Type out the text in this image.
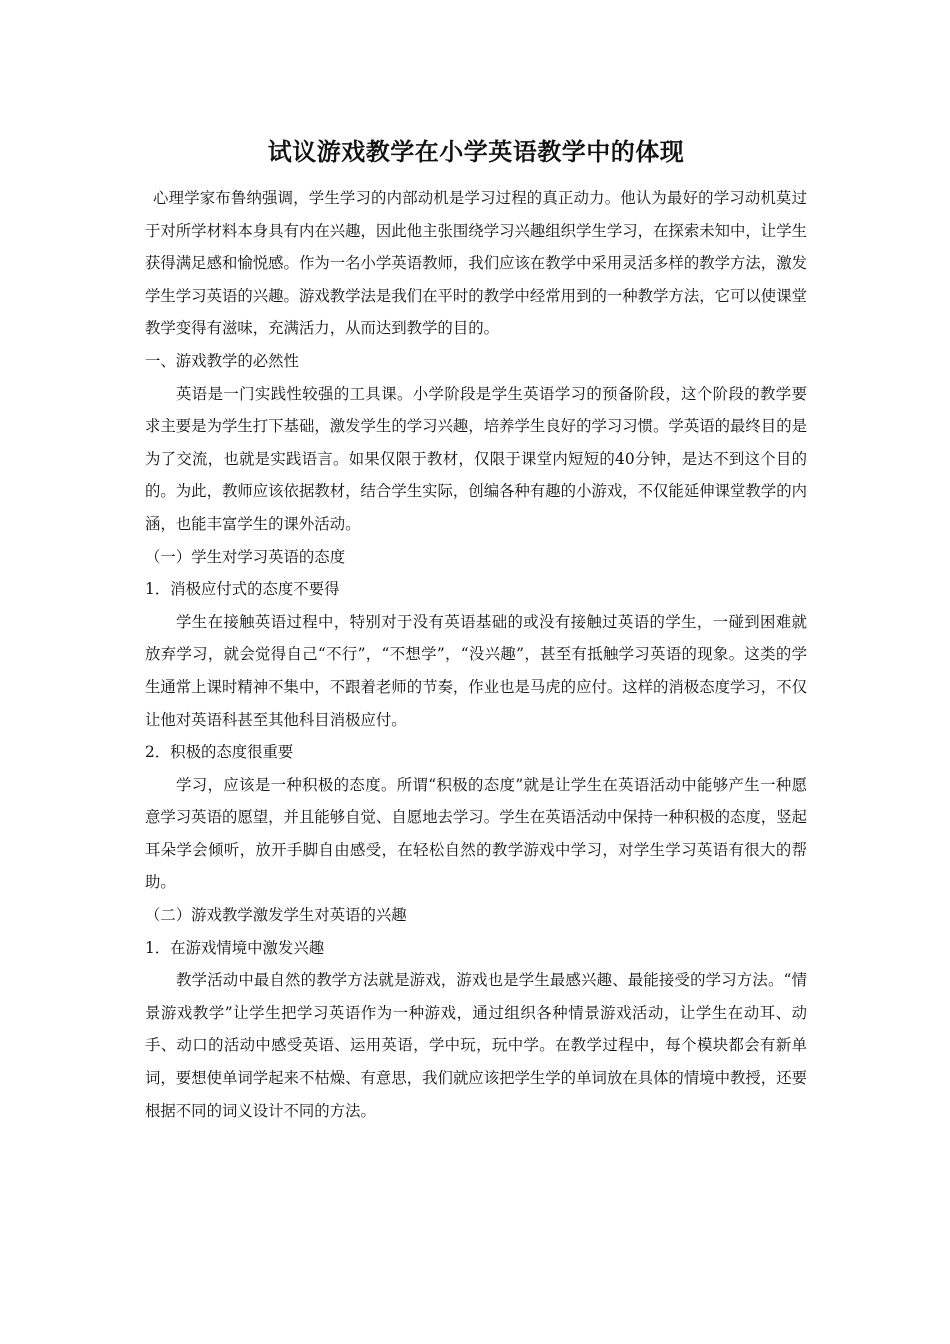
试议游戏教学在小学英语教学中的体现

心理学家布鲁纳强调，学生学习的内部动机是学习过程的真正动力。他认为最好的学习动机莫过于对所学材料本身具有内在兴趣，因此他主张围绕学习兴趣组织学生学习，在探索未知中，让学生获得满足感和愉悦感。作为一名小学英语教师，我们应该在教学中采用灵活多样的教学方法，激发学生学习英语的兴趣。游戏教学法是我们在平时的教学中经常用到的一种教学方法，它可以使课堂教学变得有滋味，充满活力，从而达到教学的目的。

一、游戏教学的必然性

英语是一门实践性较强的工具课。小学阶段是学生英语学习的预备阶段，这个阶段的教学要求主要是为学生打下基础，激发学生的学习兴趣，培养学生良好的学习习惯。学英语的最终目的是为了交流，也就是实践语言。如果仅限于教材，仅限于课堂内短短的40分钟，是达不到这个目的的。为此，教师应该依据教材，结合学生实际，创编各种有趣的小游戏，不仅能延伸课堂教学的内涵，也能丰富学生的课外活动。

（一）学生对学习英语的态度

1．消极应付式的态度不要得

学生在接触英语过程中，特别对于没有英语基础的或没有接触过英语的学生，一碰到困难就放弃学习，就会觉得自己“不行”，“不想学”，“没兴趣”，甚至有抵触学习英语的现象。这类的学生通常上课时精神不集中，不跟着老师的节奏，作业也是马虎的应付。这样的消极态度学习，不仅让他对英语科甚至其他科目消极应付。

2．积极的态度很重要

学习，应该是一种积极的态度。所谓“积极的态度”就是让学生在英语活动中能够产生一种愿意学习英语的愿望，并且能够自觉、自愿地去学习。学生在英语活动中保持一种积极的态度，竖起耳朵学会倾听，放开手脚自由感受，在轻松自然的教学游戏中学习，对学生学习英语有很大的帮助。

（二）游戏教学激发学生对英语的兴趣

1．在游戏情境中激发兴趣

教学活动中最自然的教学方法就是游戏，游戏也是学生最感兴趣、最能接受的学习方法。“情景游戏教学”让学生把学习英语作为一种游戏，通过组织各种情景游戏活动，让学生在动耳、动手、动口的活动中感受英语、运用英语，学中玩，玩中学。在教学过程中，每个模块都会有新单词，要想使单词学起来不枯燥、有意思，我们就应该把学生学的单词放在具体的情境中教授，还要根据不同的词义设计不同的方法。
